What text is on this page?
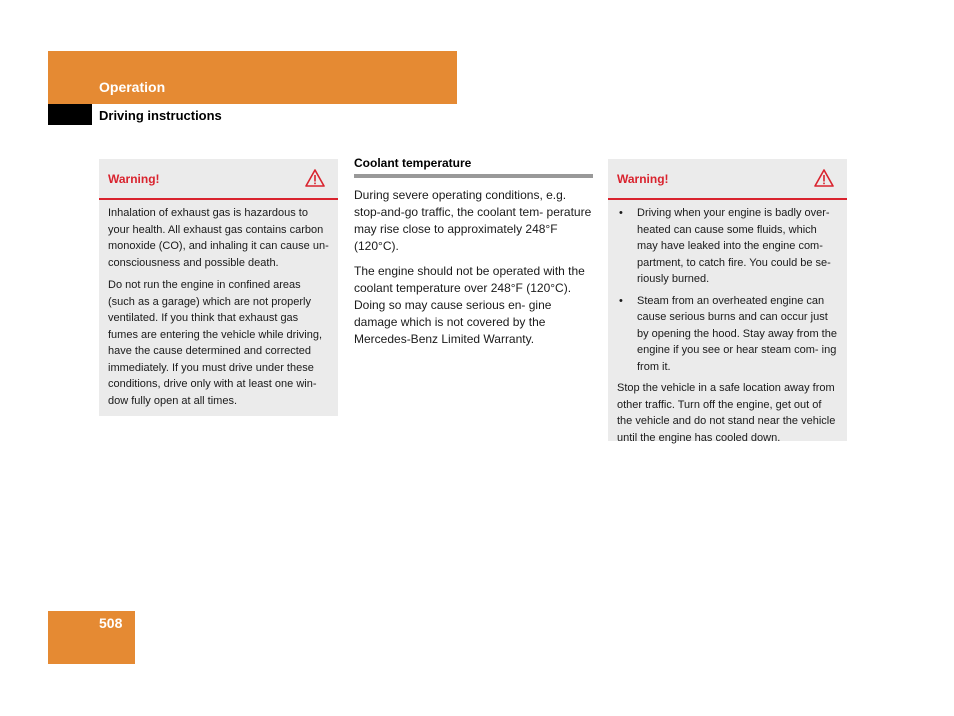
Operation
Driving instructions
Warning!

Inhalation of exhaust gas is hazardous to your health. All exhaust gas contains carbon monoxide (CO), and inhaling it can cause un- consciousness and possible death.

Do not run the engine in confined areas (such as a garage) which are not properly ventilated. If you think that exhaust gas fumes are entering the vehicle while driving, have the cause determined and corrected immediately. If you must drive under these conditions, drive only with at least one win- dow fully open at all times.

Coolant temperature

During severe operating conditions, e.g. stop-and-go traffic, the coolant tem- perature may rise close to approximately 248°F (120°C).

The engine should not be operated with the coolant temperature over 248°F (120°C). Doing so may cause serious en- gine damage which is not covered by the Mercedes-Benz Limited Warranty.

Warning!
• Driving when your engine is badly over- heated can cause some fluids, which may have leaked into the engine com- partment, to catch fire. You could be se- riously burned.
• Steam from an overheated engine can cause serious burns and can occur just by opening the hood. Stay away from the engine if you see or hear steam com- ing from it.

Stop the vehicle in a safe location away from other traffic. Turn off the engine, get out of the vehicle and do not stand near the vehicle until the engine has cooled down.

508
